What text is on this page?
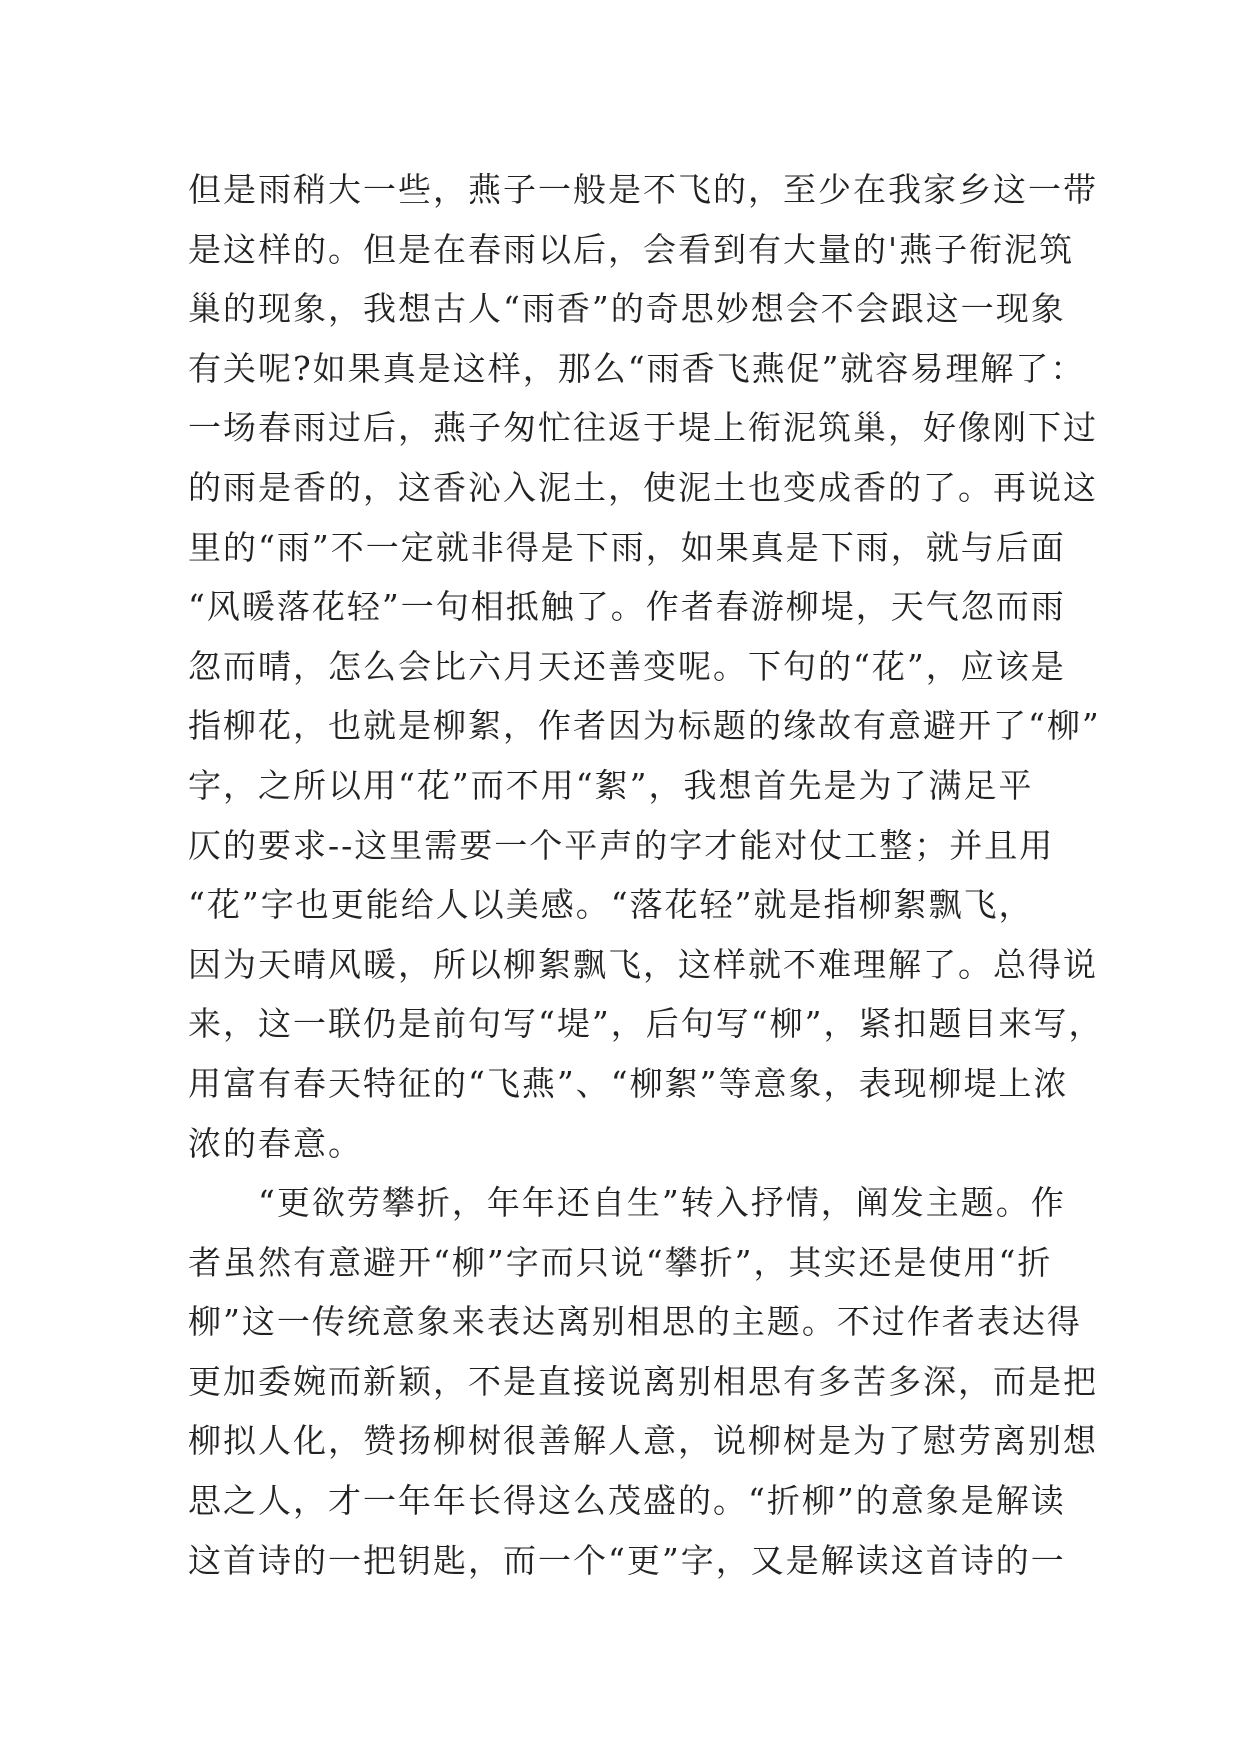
但是雨稍大一些，燕子一般是不飞的，至少在我家乡这一带
是这样的。但是在春雨以后，会看到有大量的'燕子衔泥筑
巢的现象，我想古人“雨香”的奇思妙想会不会跟这一现象
有关呢?如果真是这样，那么“雨香飞燕促”就容易理解了：
一场春雨过后，燕子匆忙往返于堤上衔泥筑巢，好像刚下过
的雨是香的，这香沁入泥土，使泥土也变成香的了。再说这
里的“雨”不一定就非得是下雨，如果真是下雨，就与后面
“风暖落花轻”一句相抵触了。作者春游柳堤，天气忽而雨
忽而晴，怎么会比六月天还善变呢。下句的“花”，应该是
指柳花，也就是柳絮，作者因为标题的缘故有意避开了“柳”
字，之所以用“花”而不用“絮”，我想首先是为了满足平
仄的要求--这里需要一个平声的字才能对仗工整；并且用
“花”字也更能给人以美感。“落花轻”就是指柳絮飘飞，
因为天晴风暖，所以柳絮飘飞，这样就不难理解了。总得说
来，这一联仍是前句写“堤”，后句写“柳”，紧扣题目来写，
用富有春天特征的“飞燕”、“柳絮”等意象，表现柳堤上浓
浓的春意。
“更欲劳攀折，年年还自生”转入抒情，阐发主题。作
者虽然有意避开“柳”字而只说“攀折”，其实还是使用“折
柳”这一传统意象来表达离别相思的主题。不过作者表达得
更加委婉而新颖，不是直接说离别相思有多苦多深，而是把
柳拟人化，赞扬柳树很善解人意，说柳树是为了慰劳离别想
思之人，才一年年长得这么茂盛的。“折柳”的意象是解读
这首诗的一把钥匙，而一个“更”字，又是解读这首诗的一
